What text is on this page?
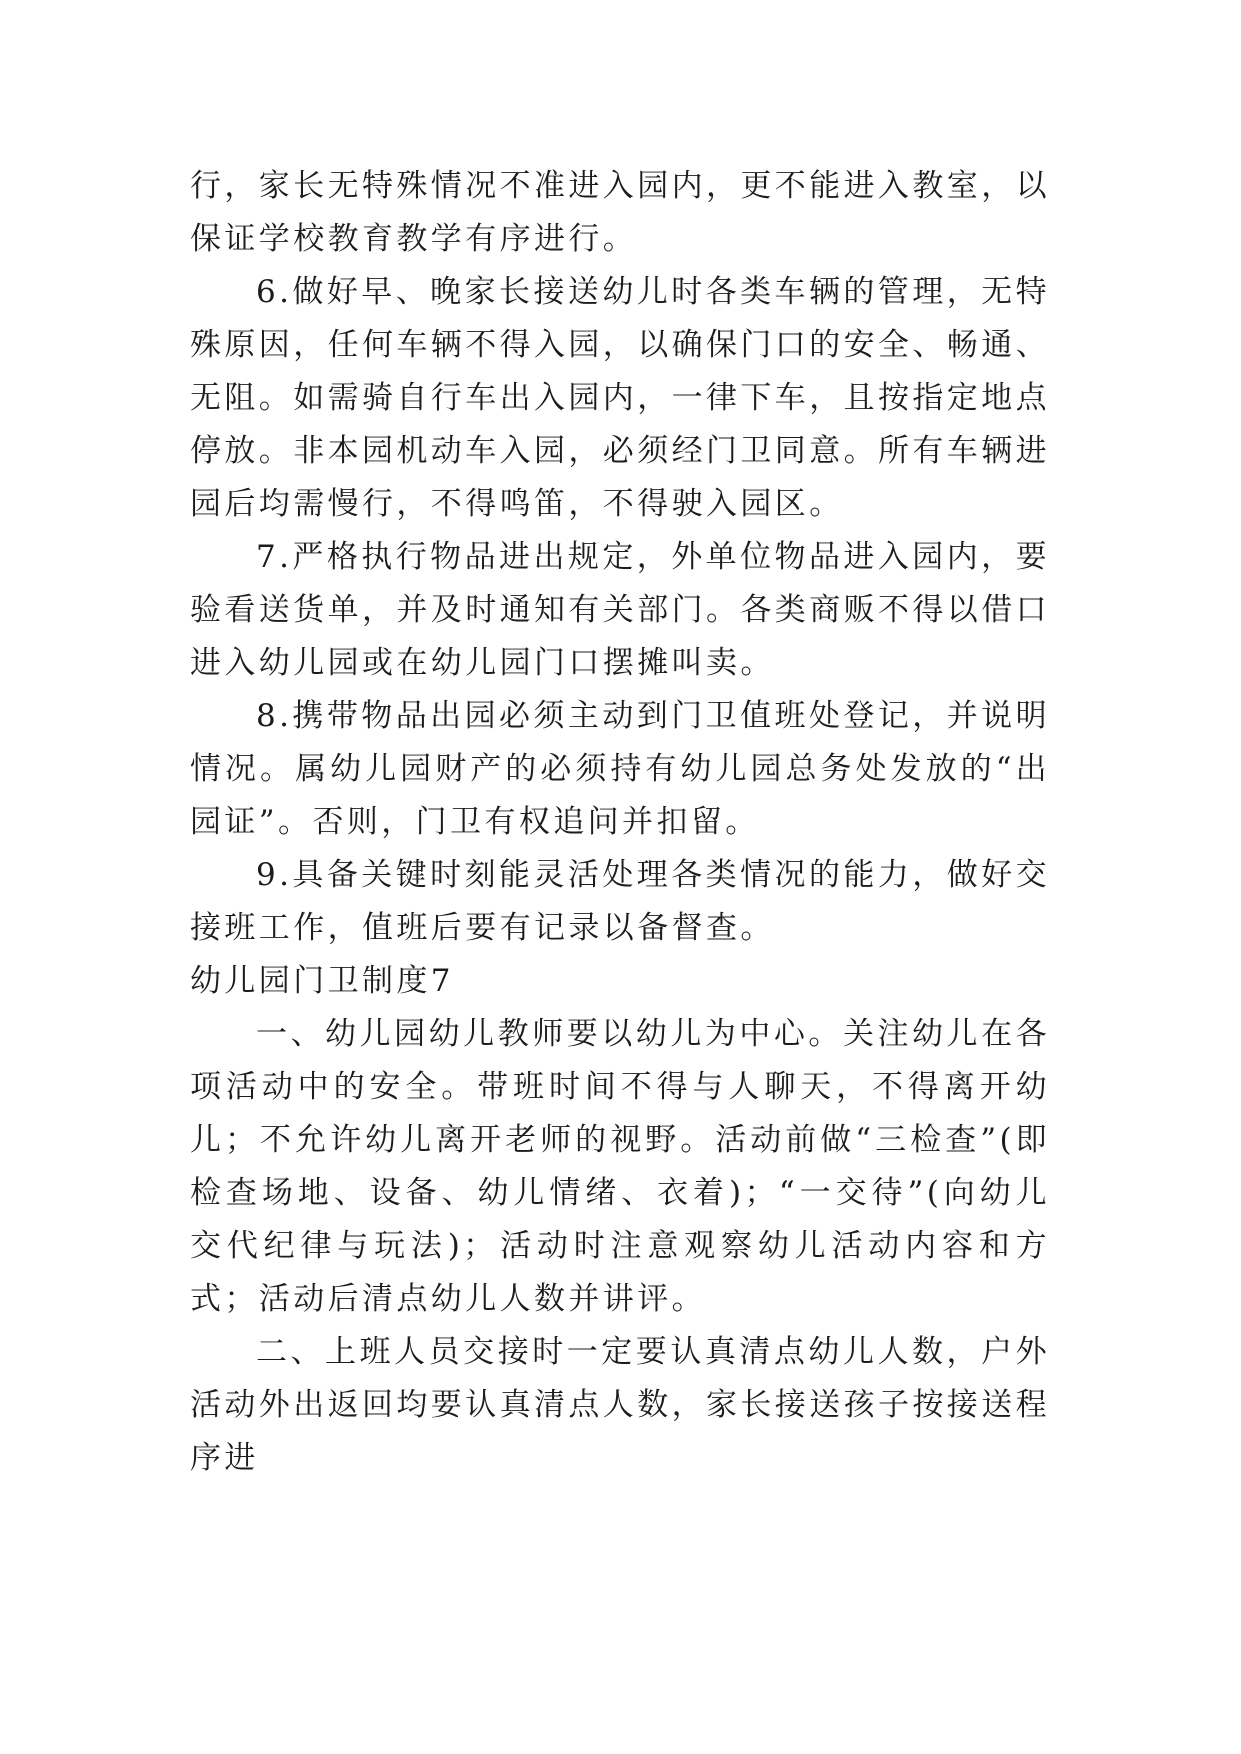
行，家长无特殊情况不准进入园内，更不能进入教室，以保证学校教育教学有序进行。

6.做好早、晚家长接送幼儿时各类车辆的管理，无特殊原因，任何车辆不得入园，以确保门口的安全、畅通、无阻。如需骑自行车出入园内，一律下车，且按指定地点停放。非本园机动车入园，必须经门卫同意。所有车辆进园后均需慢行，不得鸣笛，不得驶入园区。

7.严格执行物品进出规定，外单位物品进入园内，要验看送货单，并及时通知有关部门。各类商贩不得以借口进入幼儿园或在幼儿园门口摆摊叫卖。

8.携带物品出园必须主动到门卫值班处登记，并说明情况。属幼儿园财产的必须持有幼儿园总务处发放的“出园证”。否则，门卫有权追问并扣留。

9.具备关键时刻能灵活处理各类情况的能力，做好交接班工作，值班后要有记录以备督查。

幼儿园门卫制度7

一、幼儿园幼儿教师要以幼儿为中心。关注幼儿在各项活动中的安全。带班时间不得与人聊天，不得离开幼儿；不允许幼儿离开老师的视野。活动前做“三检查”(即检查场地、设备、幼儿情绪、衣着)；“一交待”(向幼儿交代纪律与玩法)；活动时注意观察幼儿活动内容和方式；活动后清点幼儿人数并讲评。

二、上班人员交接时一定要认真清点幼儿人数，户外活动外出返回均要认真清点人数，家长接送孩子按接送程序进
